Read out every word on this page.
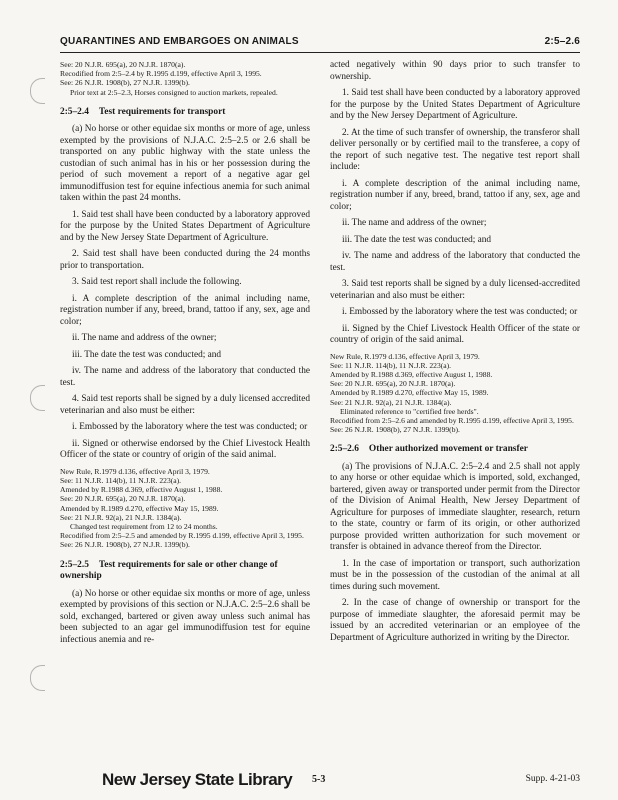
QUARANTINES AND EMBARGOES ON ANIMALS	2:5–2.6
See: 20 N.J.R. 695(a), 20 N.J.R. 1870(a).
Recodified from 2:5–2.4 by R.1995 d.199, effective April 3, 1995.
See: 26 N.J.R. 1908(b), 27 N.J.R. 1399(b).
Prior text at 2:5–2.3, Horses consigned to auction markets, repealed.
2:5–2.4 Test requirements for transport

(a) No horse or other equidae six months or more of age, unless exempted by the provisions of N.J.A.C. 2:5–2.5 or 2.6 shall be transported on any public highway with the state unless the custodian of such animal has in his or her possession during the period of such movement a report of a negative agar gel immunodiffusion test for equine infectious anemia for such animal taken within the past 24 months.

1. Said test shall have been conducted by a laboratory approved for the purpose by the United States Department of Agriculture and by the New Jersey State Department of Agriculture.

2. Said test shall have been conducted during the 24 months prior to transportation.

3. Said test report shall include the following.

i. A complete description of the animal including name, registration number if any, breed, brand, tattoo if any, sex, age and color;

ii. The name and address of the owner;

iii. The date the test was conducted; and

iv. The name and address of the laboratory that conducted the test.

4. Said test reports shall be signed by a duly licensed accredited veterinarian and also must be either:

i. Embossed by the laboratory where the test was conducted; or

ii. Signed or otherwise endorsed by the Chief Livestock Health Officer of the state or country of origin of the said animal.

New Rule, R.1979 d.136, effective April 3, 1979.
See: 11 N.J.R. 114(b), 11 N.J.R. 223(a).
Amended by R.1988 d.369, effective August 1, 1988.
See: 20 N.J.R. 695(a), 20 N.J.R. 1870(a).
Amended by R.1989 d.270, effective May 15, 1989.
See: 21 N.J.R. 92(a), 21 N.J.R. 1384(a).
Changed test requirement from 12 to 24 months.
Recodified from 2:5–2.5 and amended by R.1995 d.199, effective April 3, 1995.
See: 26 N.J.R. 1908(b), 27 N.J.R. 1399(b).
2:5–2.5 Test requirements for sale or other change of ownership

(a) No horse or other equidae six months or more of age, unless exempted by provisions of this section or N.J.A.C. 2:5–2.6 shall be sold, exchanged, bartered or given away unless such animal has been subjected to an agar gel immunodiffusion test for equine infectious anemia and re-

acted negatively within 90 days prior to such transfer to ownership.

1. Said test shall have been conducted by a laboratory approved for the purpose by the United States Department of Agriculture and by the New Jersey Department of Agriculture.

2. At the time of such transfer of ownership, the transferor shall deliver personally or by certified mail to the transferee, a copy of the report of such negative test. The negative test report shall include:

i. A complete description of the animal including name, registration number if any, breed, brand, tattoo if any, sex, age and color;

ii. The name and address of the owner;

iii. The date the test was conducted; and

iv. The name and address of the laboratory that conducted the test.

3. Said test reports shall be signed by a duly licensed-accredited veterinarian and also must be either:

i. Embossed by the laboratory where the test was conducted; or

ii. Signed by the Chief Livestock Health Officer of the state or country of origin of the said animal.

New Rule, R.1979 d.136, effective April 3, 1979.
See: 11 N.J.R. 114(b), 11 N.J.R. 223(a).
Amended by R.1988 d.369, effective August 1, 1988.
See: 20 N.J.R. 695(a), 20 N.J.R. 1870(a).
Amended by R.1989 d.270, effective May 15, 1989.
See: 21 N.J.R. 92(a), 21 N.J.R. 1384(a).
Eliminated reference to "certified free herds".
Recodified from 2:5–2.6 and amended by R.1995 d.199, effective April 3, 1995.
See: 26 N.J.R. 1908(b), 27 N.J.R. 1399(b).
2:5–2.6 Other authorized movement or transfer

(a) The provisions of N.J.A.C. 2:5–2.4 and 2.5 shall not apply to any horse or other equidae which is imported, sold, exchanged, bartered, given away or transported under permit from the Director of the Division of Animal Health, New Jersey Department of Agriculture for purposes of immediate slaughter, research, return to the state, country or farm of its origin, or other authorized purpose provided written authorization for such movement or transfer is obtained in advance thereof from the Director.

1. In the case of importation or transport, such authorization must be in the possession of the custodian of the animal at all times during such movement.

2. In the case of change of ownership or transport for the purpose of immediate slaughter, the aforesaid permit may be issued by an accredited veterinarian or an employee of the Department of Agriculture authorized in writing by the Director.

New Jersey State Library 5-3	Supp. 4-21-03
